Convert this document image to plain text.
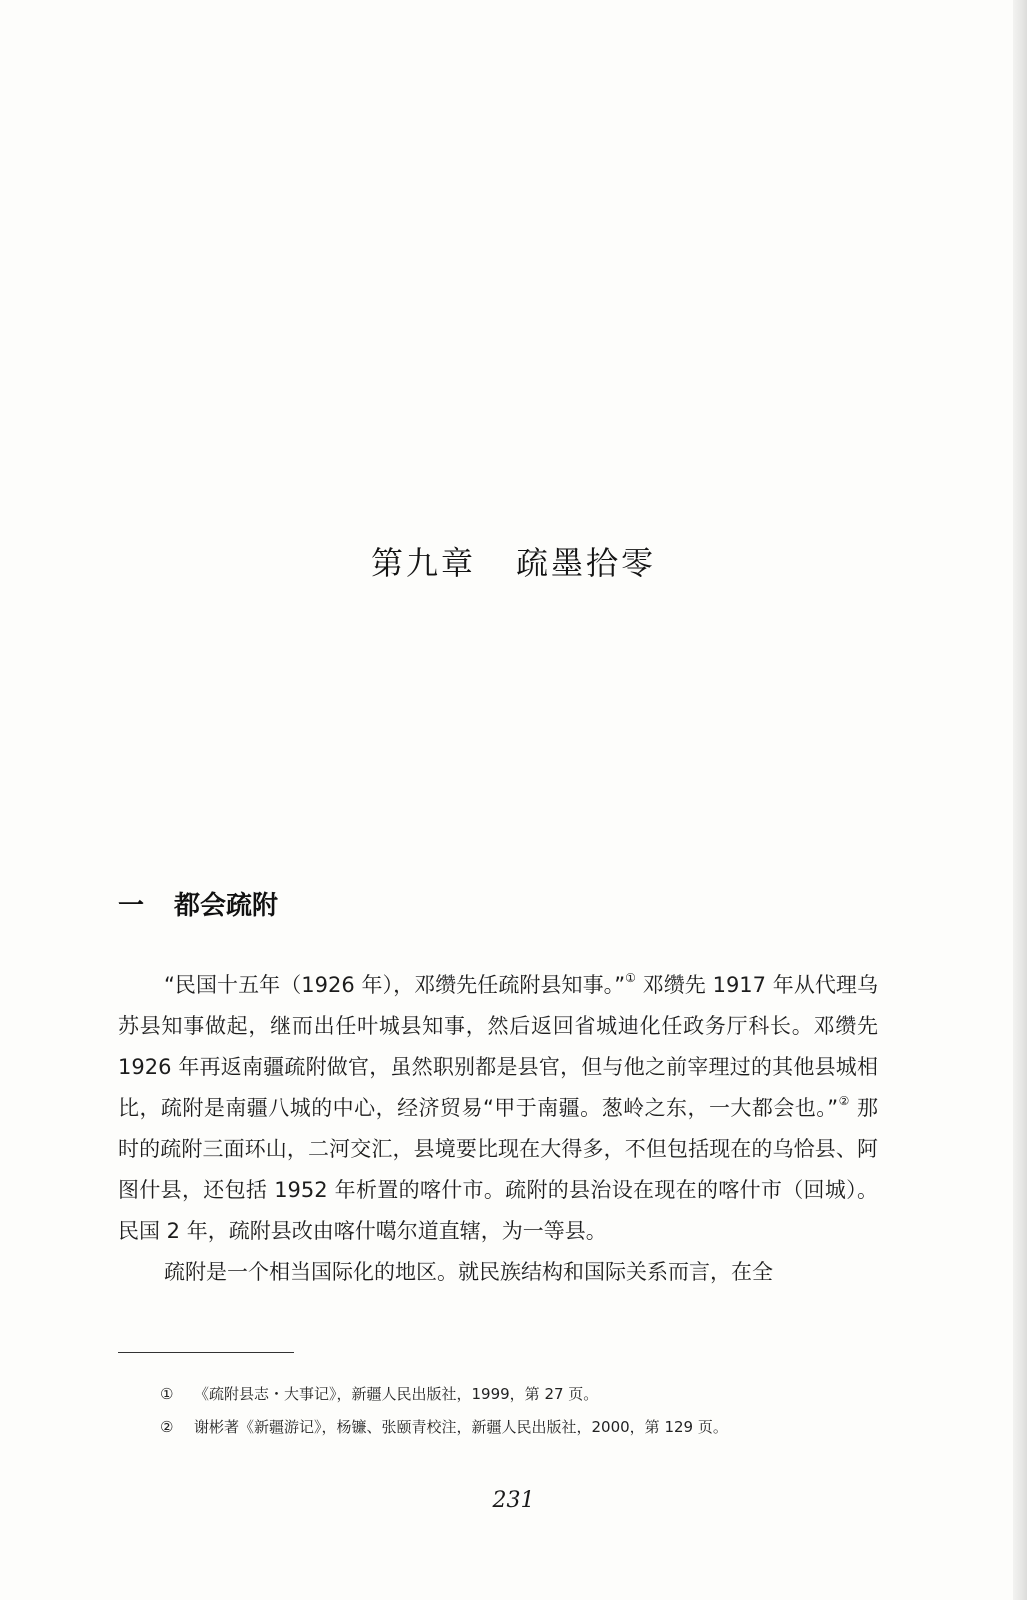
第九章 疏墨拾零
一 都会疏附

“民国十五年（1926 年），邓缵先任疏附县知事。”① 邓缵先 1917 年从代理乌苏县知事做起，继而出任叶城县知事，然后返回省城迪化任政务厅科长。邓缵先 1926 年再返南疆疏附做官，虽然职别都是县官，但与他之前宰理过的其他县城相比，疏附是南疆八城的中心，经济贸易“甲于南疆。葱岭之东，一大都会也。”② 那时的疏附三面环山，二河交汇，县境要比现在大得多，不但包括现在的乌恰县、阿图什县，还包括 1952 年析置的喀什市。疏附的县治设在现在的喀什市（回城）。民国 2 年，疏附县改由喀什噶尔道直辖，为一等县。

疏附是一个相当国际化的地区。就民族结构和国际关系而言，在全

① 《疏附县志・大事记》，新疆人民出版社，1999，第 27 页。
② 谢彬著《新疆游记》，杨镰、张颐青校注，新疆人民出版社，2000，第 129 页。
231
